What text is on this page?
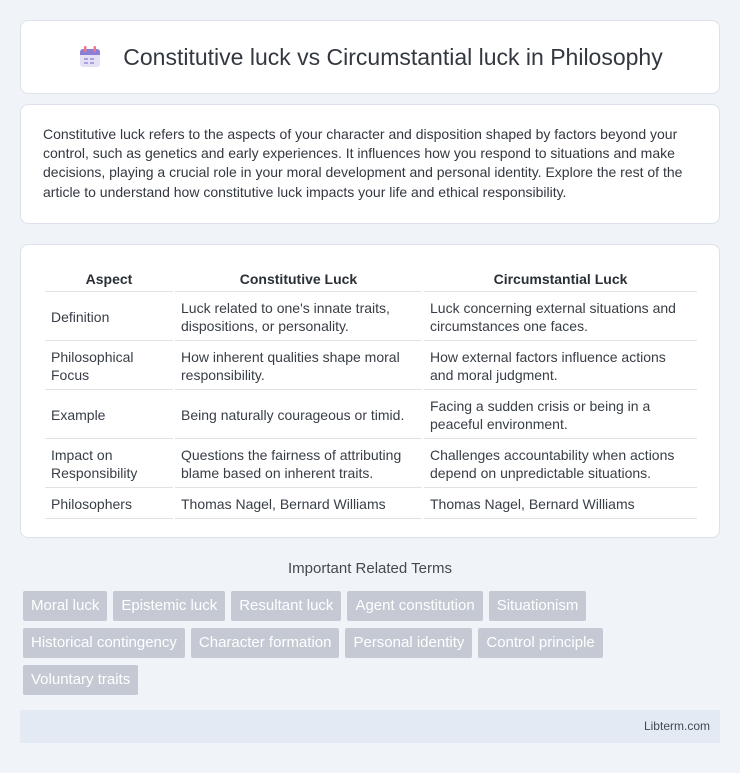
Constitutive luck vs Circumstantial luck in Philosophy

Constitutive luck refers to the aspects of your character and disposition shaped by factors beyond your control, such as genetics and early experiences. It influences how you respond to situations and make decisions, playing a crucial role in your moral development and personal identity. Explore the rest of the article to understand how constitutive luck impacts your life and ethical responsibility.

Aspect	Constitutive Luck	Circumstantial Luck
Definition	Luck related to one's innate traits, dispositions, or personality.	Luck concerning external situations and circumstances one faces.
Philosophical Focus	How inherent qualities shape moral responsibility.	How external factors influence actions and moral judgment.
Example	Being naturally courageous or timid.	Facing a sudden crisis or being in a peaceful environment.
Impact on Responsibility	Questions the fairness of attributing blame based on inherent traits.	Challenges accountability when actions depend on unpredictable situations.
Philosophers	Thomas Nagel, Bernard Williams	Thomas Nagel, Bernard Williams
Important Related Terms
Moral luck	Epistemic luck	Resultant luck	Agent constitution	Situationism
Historical contingency	Character formation	Personal identity	Control principle
Voluntary traits
Libterm.com
